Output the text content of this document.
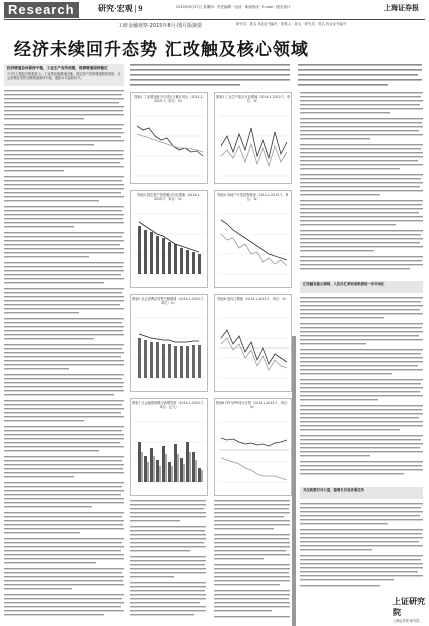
Research	研究·宏观 | 9	2015年8月27日 星期四 · 责任编辑 · 电话 · 新闻热线 · E-mail · 版式设计	上海证券报
工研金融观察·2015年8月·图片版 摘要	研究员：姓名 执业证书编号 · 联系人：姓名 · 研究员：姓名 执业证书编号
经济未续回升态势 汇改触及核心领域
经济增速总体保持平稳，工业生产有所放缓，消费增速保持稳定
7月份主要经济数据显示，工业增加值增速回落，固定资产投资增速继续放缓，社会消费品零售总额增速保持平稳，通胀水平温和回升。
图表1 工业增加值当月同比与累计同比（2014.1-2015.7，单位：%）
图表2 工业生产重点行业增速（2014.1-2015.7，单位：%）
图表3 固定资产投资累计同比增速（2014.1-2015.7，单位：%）
图表4 房地产开发投资增速（2014.1-2015.7，单位：%）
图表5 社会消费品零售总额增速（2014.1-2015.7，单位：%）
图表6 进出口增速（2014.1-2015.7，单位：%）
图表7 社会融资规模与新增贷款（2014.1-2015.7，单位：亿元）
图表8 CPI与PPI同比走势（2014.1-2015.7，单位：%）
汇改触及核心领域，人民币汇率形成机制进一步市场化
关注政策对冲力度，稳增长仍是首要任务
上证研究院
上海证券报·研究院
